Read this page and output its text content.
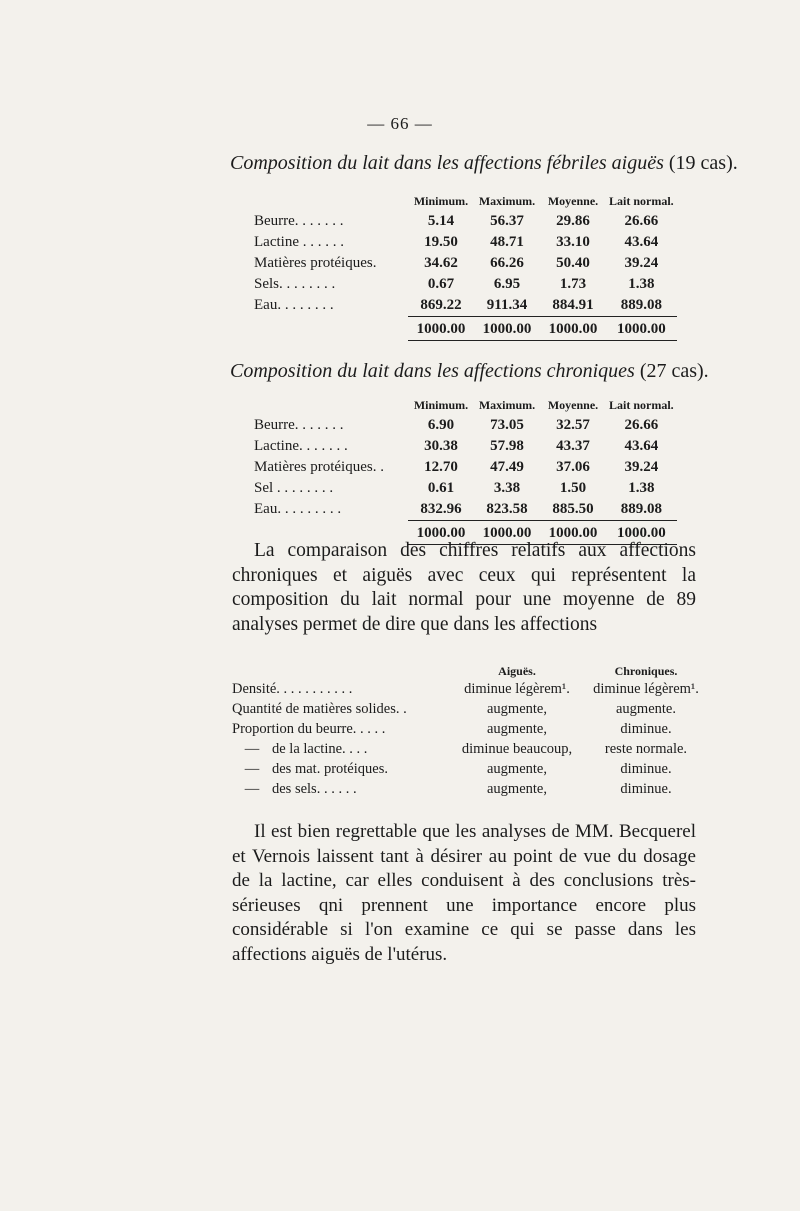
— 66 —
Composition du lait dans les affections fébriles aiguës (19 cas).
	Minimum.	Maximum.	Moyenne.	Lait normal.
Beurre. . . . . . .	5.14	56.37	29.86	26.66
Lactine . . . . . .	19.50	48.71	33.10	43.64
Matières protéiques.	34.62	66.26	50.40	39.24
Sels. . . . . . . .	0.67	6.95	1.73	1.38
Eau. . . . . . . .	869.22	911.34	884.91	889.08
	1000.00	1000.00	1000.00	1000.00
Composition du lait dans les affections chroniques (27 cas).
	Minimum.	Maximum.	Moyenne.	Lait normal.
Beurre. . . . . . .	6.90	73.05	32.57	26.66
Lactine. . . . . . .	30.38	57.98	43.37	43.64
Matières protéiques. .	12.70	47.49	37.06	39.24
Sel . . . . . . . .	0.61	3.38	1.50	1.38
Eau. . . . . . . . .	832.96	823.58	885.50	889.08
	1000.00	1000.00	1000.00	1000.00

La comparaison des chiffres relatifs aux affections chroniques et aiguës avec ceux qui représentent la composition du lait normal pour une moyenne de 89 analyses permet de dire que dans les affections

	Aiguës.	Chroniques.
Densité. . . . . . . . . . .	diminue légèrem¹.	diminue légèrem¹.
Quantité de matières solides. .	augmente,	augmente.
Proportion du beurre. . . . .	augmente,	diminue.
— de la lactine. . . .	diminue beaucoup,	reste normale.
— des mat. protéiques.	augmente,	diminue.
— des sels. . . . . .	augmente,	diminue.

Il est bien regrettable que les analyses de MM. Becquerel et Vernois laissent tant à désirer au point de vue du dosage de la lactine, car elles conduisent à des conclusions très-sérieuses qni prennent une importance encore plus considérable si l'on examine ce qui se passe dans les affections aiguës de l'utérus.
